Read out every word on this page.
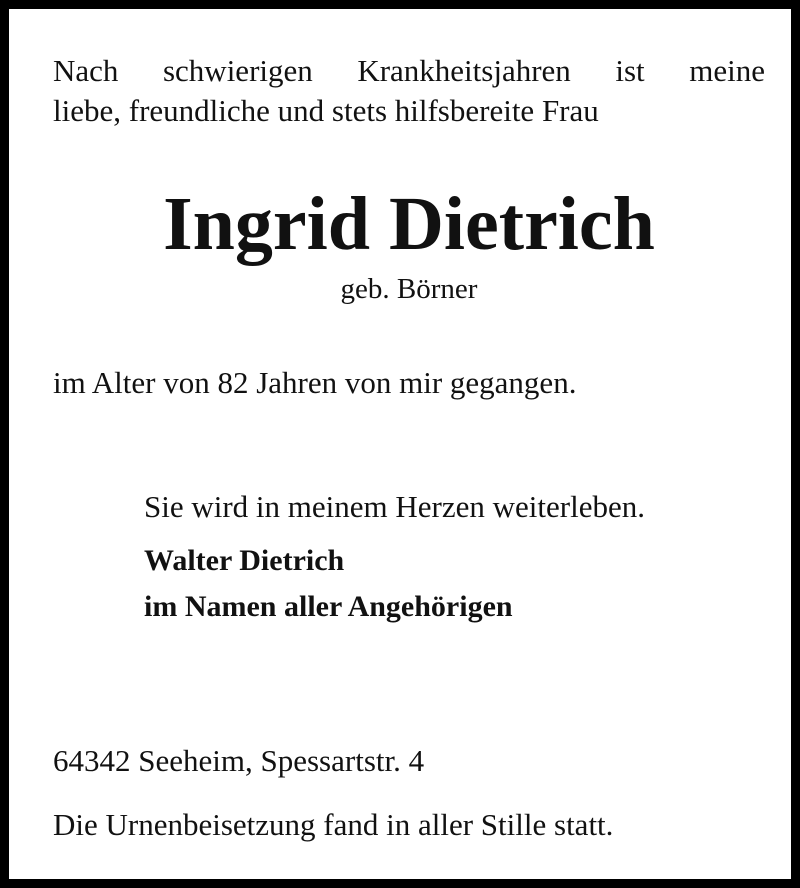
Nach schwierigen Krankheitsjahren ist meine
liebe, freundliche und stets hilfsbereite Frau
Ingrid Dietrich
geb. Börner
im Alter von 82 Jahren von mir gegangen.
Sie wird in meinem Herzen weiterleben.
Walter Dietrich
im Namen aller Angehörigen
64342 Seeheim, Spessartstr. 4
Die Urnenbeisetzung fand in aller Stille statt.
